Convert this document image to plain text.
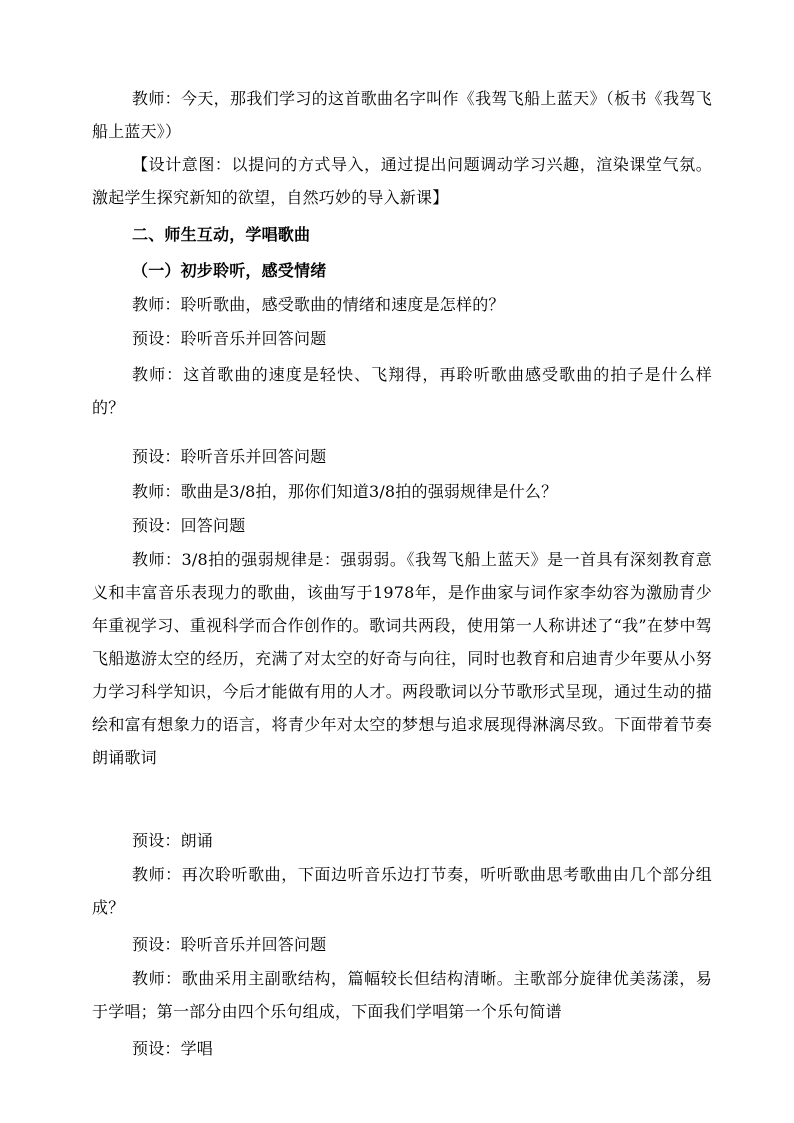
教师：今天，那我们学习的这首歌曲名字叫作《我驾飞船上蓝天》（板书《我驾飞船上蓝天》）

【设计意图：以提问的方式导入，通过提出问题调动学习兴趣，渲染课堂气氛。激起学生探究新知的欲望，自然巧妙的导入新课】

二、师生互动，学唱歌曲

（一）初步聆听，感受情绪

教师：聆听歌曲，感受歌曲的情绪和速度是怎样的？

预设：聆听音乐并回答问题

教师：这首歌曲的速度是轻快、飞翔得，再聆听歌曲感受歌曲的拍子是什么样的？

预设：聆听音乐并回答问题

教师：歌曲是3/8拍，那你们知道3/8拍的强弱规律是什么？

预设：回答问题

教师：3/8拍的强弱规律是：强弱弱。《我驾飞船上蓝天》是一首具有深刻教育意义和丰富音乐表现力的歌曲，该曲写于1978年，是作曲家与词作家李幼容为激励青少年重视学习、重视科学而合作创作的。歌词共两段，使用第一人称讲述了“我”在梦中驾飞船遨游太空的经历，充满了对太空的好奇与向往，同时也教育和启迪青少年要从小努力学习科学知识，今后才能做有用的人才。两段歌词以分节歌形式呈现，通过生动的描绘和富有想象力的语言，将青少年对太空的梦想与追求展现得淋漓尽致。下面带着节奏朗诵歌词

预设：朗诵

教师：再次聆听歌曲，下面边听音乐边打节奏，听听歌曲思考歌曲由几个部分组成？

预设：聆听音乐并回答问题

教师：歌曲采用主副歌结构，篇幅较长但结构清晰。主歌部分旋律优美荡漾，易于学唱；第一部分由四个乐句组成，下面我们学唱第一个乐句简谱

预设：学唱
